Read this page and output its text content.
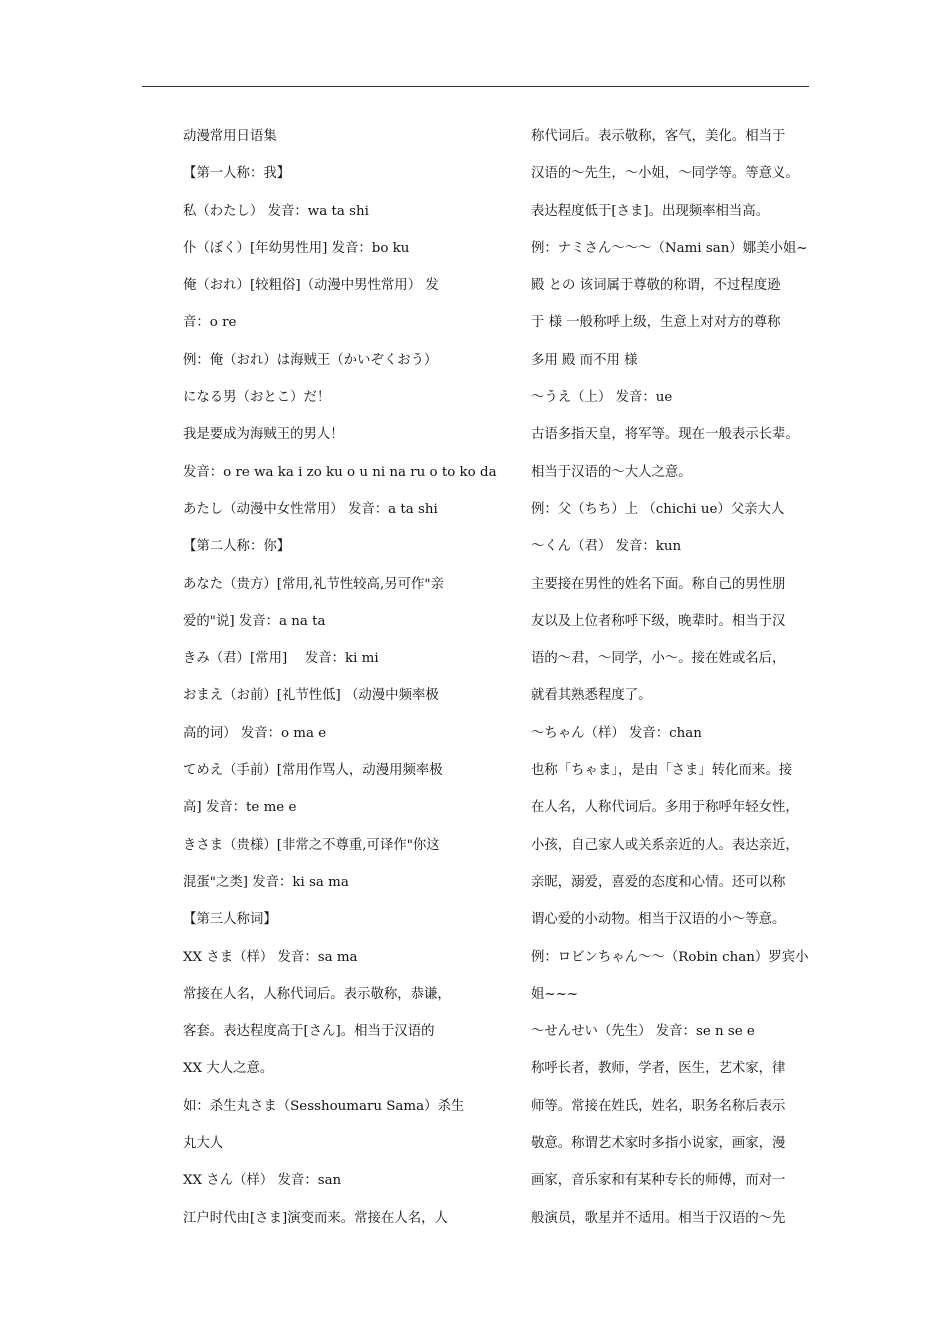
动漫常用日语集
【第一人称：我】
私（わたし） 发音：wa ta shi
仆（ぼく）[年幼男性用] 发音：bo ku
俺（おれ）[较粗俗]（动漫中男性常用） 发
音：o re
例：俺（おれ）は海贼王（かいぞくおう）
になる男（おとこ）だ！
我是要成为海贼王的男人！
发音：o re wa ka i zo ku o u ni na ru o to ko da
あたし（动漫中女性常用） 发音：a ta shi
【第二人称：你】
あなた（贵方）[常用,礼节性较高,另可作"亲
爱的"说] 发音：a na ta
きみ（君）[常用]　 发音：ki mi
おまえ（お前）[礼节性低] （动漫中频率极
高的词） 发音：o ma e
てめえ（手前）[常用作骂人，动漫用频率极
高] 发音：te me e
きさま（贵様）[非常之不尊重,可译作"你这
混蛋"之类] 发音：ki sa ma
【第三人称词】
XX さま（样） 发音：sa ma
常接在人名，人称代词后。表示敬称，恭谦，
客套。表达程度高于[さん]。相当于汉语的
XX 大人之意。
如：杀生丸さま（Sesshoumaru Sama）杀生
丸大人
XX さん（样） 发音：san
江户时代由[さま]演变而来。常接在人名，人
称代词后。表示敬称，客气，美化。相当于
汉语的～先生，～小姐，～同学等。等意义。
表达程度低于[さま]。出现频率相当高。
例：ナミさん～～～（Nami san）娜美小姐~
殿 との 该词属于尊敬的称谓，不过程度逊
于 様 一般称呼上级，生意上对对方的尊称
多用 殿 而不用 様
～うえ（上） 发音：ue
古语多指天皇，将军等。现在一般表示长辈。
相当于汉语的～大人之意。
例：父（ちち）上 （chichi ue）父亲大人
～くん（君） 发音：kun
主要接在男性的姓名下面。称自己的男性朋
友以及上位者称呼下级，晚辈时。相当于汉
语的～君，～同学，小～。接在姓或名后，
就看其熟悉程度了。
～ちゃん（样） 发音：chan
也称「ちゃま」，是由「さま」转化而来。接
在人名，人称代词后。多用于称呼年轻女性，
小孩，自己家人或关系亲近的人。表达亲近，
亲昵，溺爱，喜爱的态度和心情。还可以称
谓心爱的小动物。相当于汉语的小～等意。
例：ロビンちゃん～～（Robin chan）罗宾小
姐~~~
～せんせい（先生） 发音：se n se e
称呼长者，教师，学者，医生，艺术家，律
师等。常接在姓氏，姓名，职务名称后表示
敬意。称谓艺术家时多指小说家，画家，漫
画家，音乐家和有某种专长的师傅，而对一
般演员，歌星并不适用。相当于汉语的～先
